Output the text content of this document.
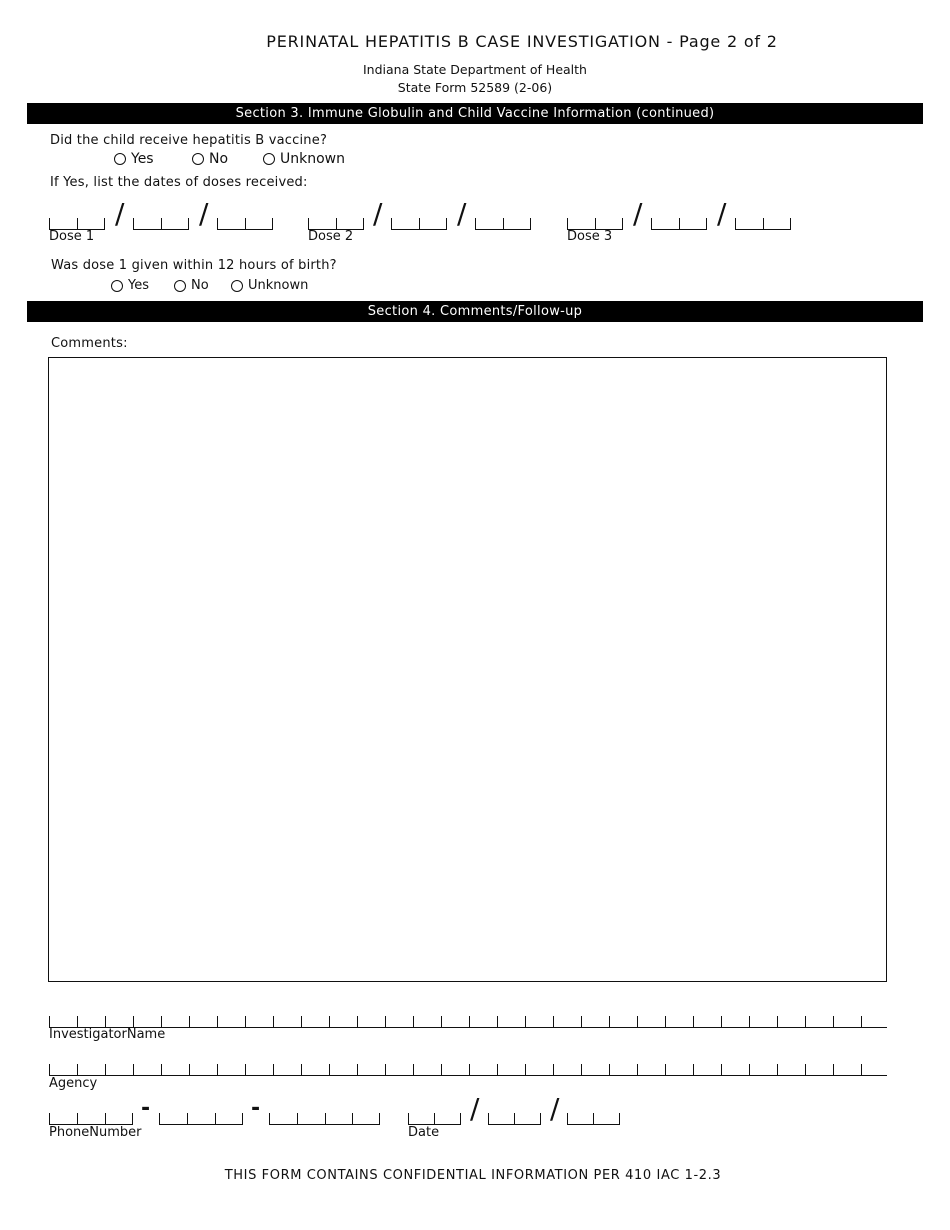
PERINATAL HEPATITIS B CASE INVESTIGATION - Page 2 of 2
Indiana State Department of Health
State Form 52589 (2-06)
Section 3. Immune Globulin and Child Vaccine Information (continued)
Did the child receive hepatitis B vaccine?
Yes	No	Unknown
If Yes, list the dates of doses received:
/	/
Dose 1
/	/
Dose 2
/	/
Dose 3
Was dose 1 given within 12 hours of birth?
Yes	No	Unknown
Section 4. Comments/Follow-up
Comments:
InvestigatorName
Agency
-	-
PhoneNumber
/	/
Date
THIS FORM CONTAINS CONFIDENTIAL INFORMATION PER 410 IAC 1-2.3
